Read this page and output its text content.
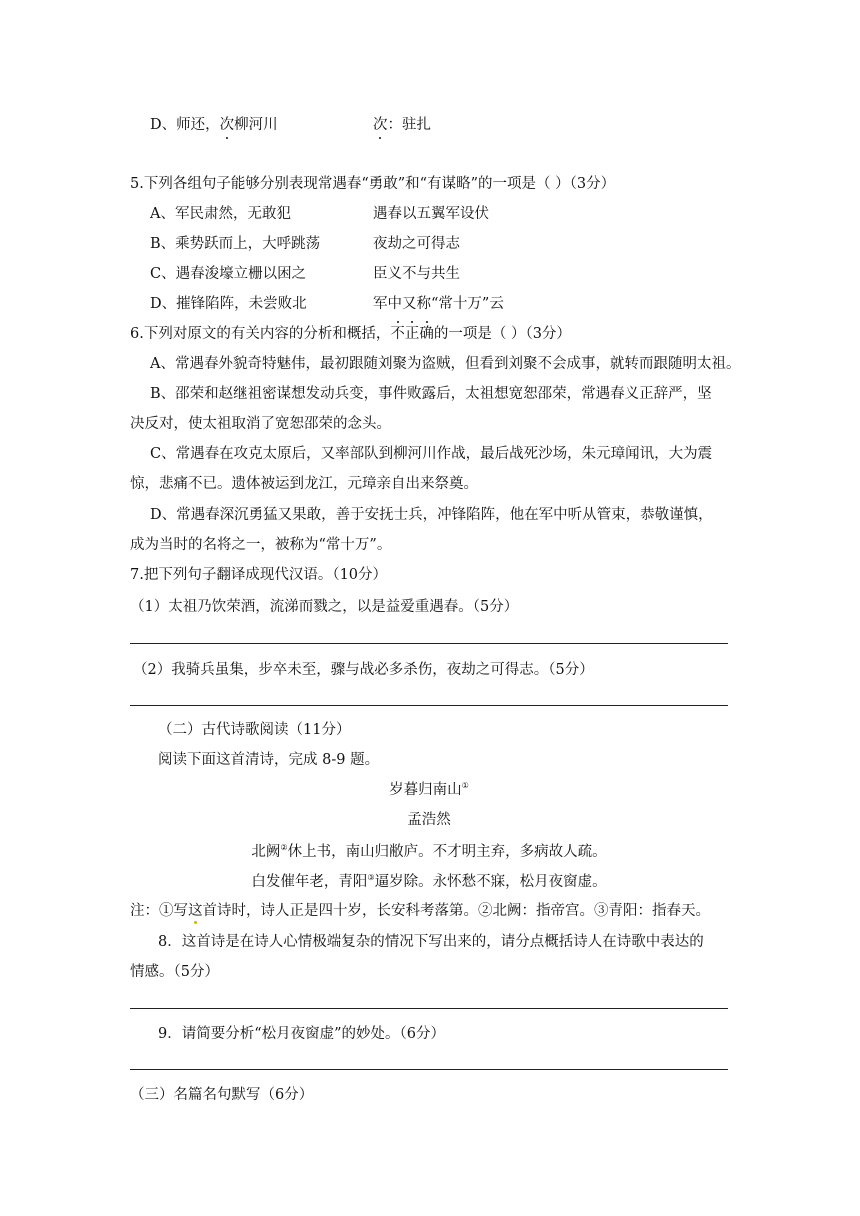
D、师还，次柳河川	次：驻扎
5.下列各组句子能够分别表现常遇春“勇敢”和“有谋略”的一项是（ ）（3分）
A、军民肃然，无敢犯	遇春以五翼军设伏
B、乘势跃而上，大呼跳荡	夜劫之可得志
C、遇春浚壕立栅以困之	臣义不与共生
D、摧锋陷阵，未尝败北	军中又称“常十万”云
6.下列对原文的有关内容的分析和概括，不正确的一项是（ ）（3分）
A、常遇春外貌奇特魅伟，最初跟随刘聚为盗贼，但看到刘聚不会成事，就转而跟随明太祖。
B、邵荣和赵继祖密谋想发动兵变，事件败露后，太祖想宽恕邵荣，常遇春义正辞严，坚
决反对，使太祖取消了宽恕邵荣的念头。
C、常遇春在攻克太原后，又率部队到柳河川作战，最后战死沙场，朱元璋闻讯，大为震
惊，悲痛不已。遗体被运到龙江，元璋亲自出来祭奠。
D、常遇春深沉勇猛又果敢，善于安抚士兵，冲锋陷阵，他在军中听从管束，恭敬谨慎，
成为当时的名将之一，被称为“常十万”。
7.把下列句子翻译成现代汉语。（10分）
（1）太祖乃饮荣酒，流涕而戮之，以是益爱重遇春。（5分）
（2）我骑兵虽集，步卒未至，骤与战必多杀伤，夜劫之可得志。（5分）
（二）古代诗歌阅读（11分）
阅读下面这首清诗，完成 8-9 题。
岁暮归南山①
孟浩然
北阙②休上书，南山归敝庐。不才明主弃，多病故人疏。
白发催年老，青阳③逼岁除。永怀愁不寐，松月夜窗虚。
注：①写这首诗时，诗人正是四十岁，长安科考落第。②北阙：指帝宫。③青阳：指春天。
8．这首诗是在诗人心情极端复杂的情况下写出来的，请分点概括诗人在诗歌中表达的
情感。（5分）
9．请简要分析“松月夜窗虚”的妙处。（6分）
（三）名篇名句默写（6分）
